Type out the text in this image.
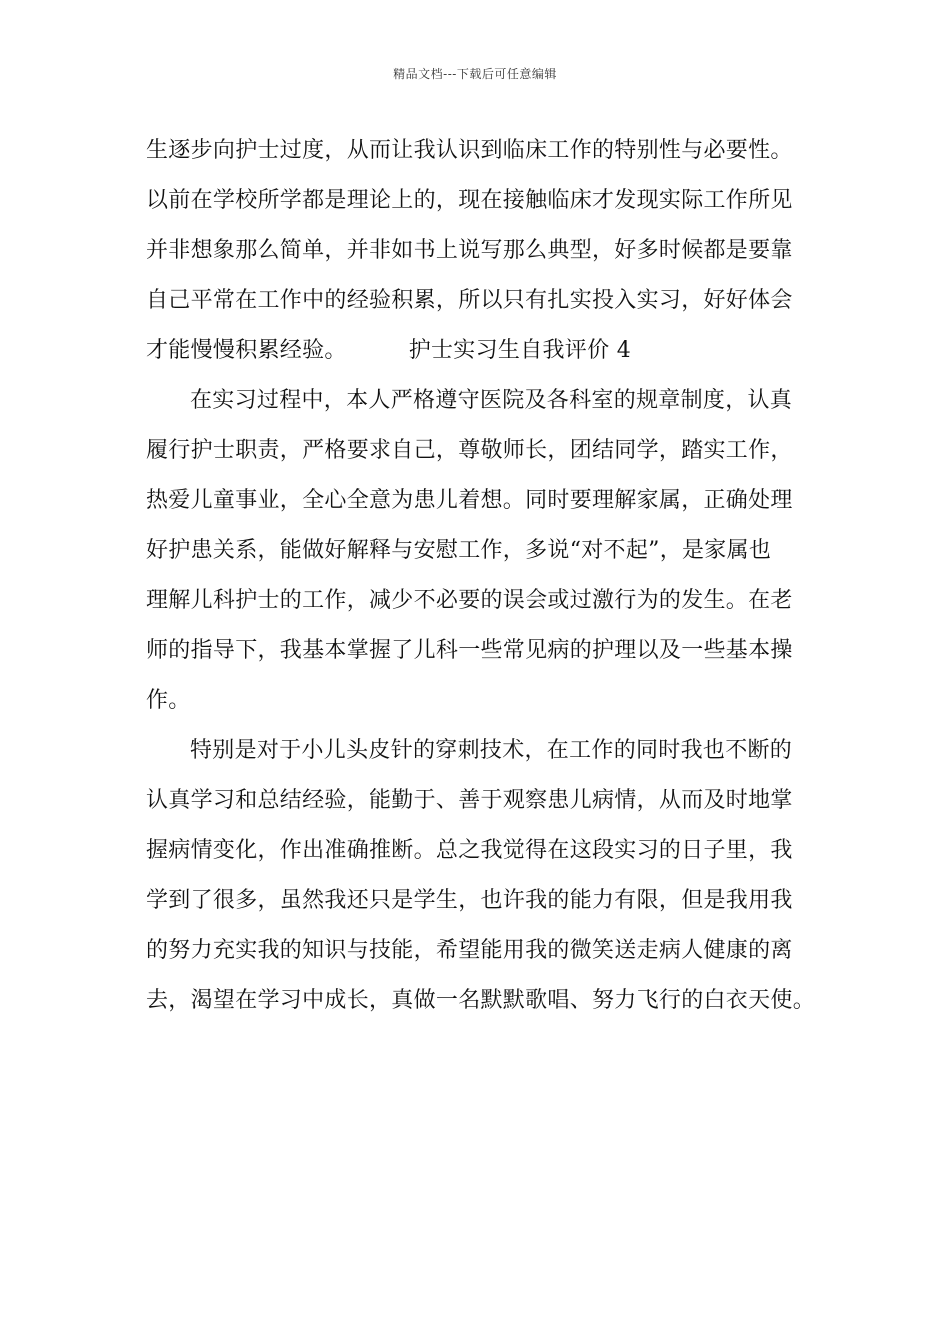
精品文档---下载后可任意编辑
生逐步向护士过度，从而让我认识到临床工作的特别性与必要性。
以前在学校所学都是理论上的，现在接触临床才发现实际工作所见
并非想象那么简单，并非如书上说写那么典型，好多时候都是要靠
自己平常在工作中的经验积累，所以只有扎实投入实习，好好体会
才能慢慢积累经验。	护士实习生自我评价 4
在实习过程中，本人严格遵守医院及各科室的规章制度，认真
履行护士职责，严格要求自己，尊敬师长，团结同学，踏实工作，
热爱儿童事业，全心全意为患儿着想。同时要理解家属，正确处理
好护患关系，能做好解释与安慰工作，多说“对不起”，是家属也
理解儿科护士的工作，减少不必要的误会或过激行为的发生。在老
师的指导下，我基本掌握了儿科一些常见病的护理以及一些基本操
作。
特别是对于小儿头皮针的穿刺技术，在工作的同时我也不断的
认真学习和总结经验，能勤于、善于观察患儿病情，从而及时地掌
握病情变化，作出准确推断。总之我觉得在这段实习的日子里，我
学到了很多，虽然我还只是学生，也许我的能力有限，但是我用我
的努力充实我的知识与技能，希望能用我的微笑送走病人健康的离
去，渴望在学习中成长，真做一名默默歌唱、努力飞行的白衣天使。
